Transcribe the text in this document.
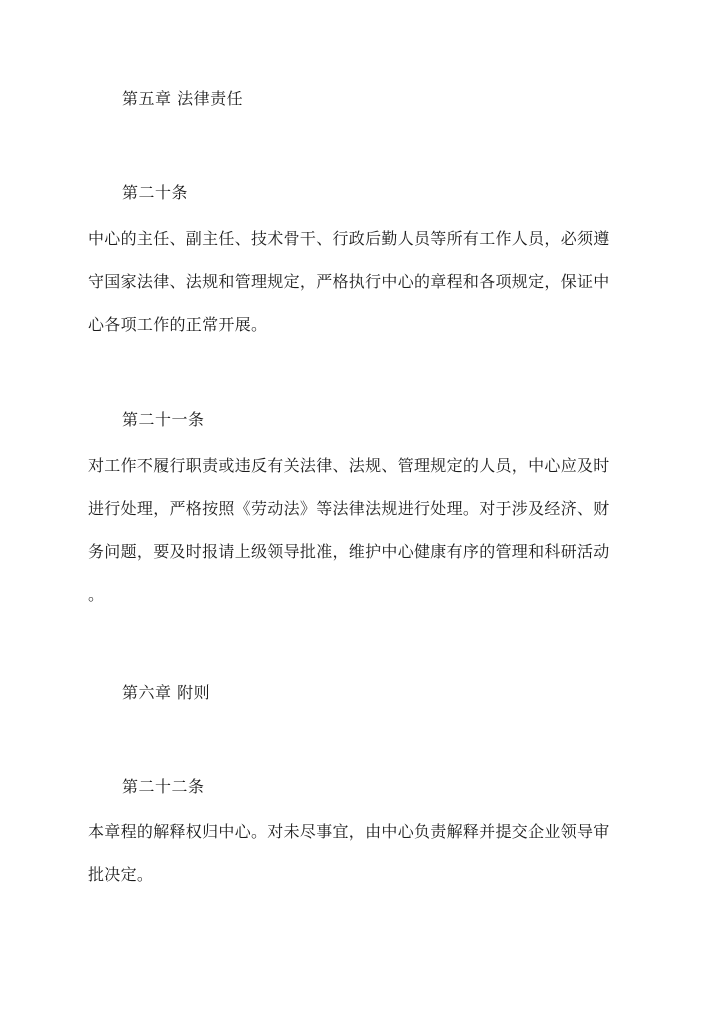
第五章 法律责任
第二十条
中心的主任、副主任、技术骨干、行政后勤人员等所有工作人员，必须遵
守国家法律、法规和管理规定，严格执行中心的章程和各项规定，保证中
心各项工作的正常开展。
第二十一条
对工作不履行职责或违反有关法律、法规、管理规定的人员，中心应及时
进行处理，严格按照《劳动法》等法律法规进行处理。对于涉及经济、财
务问题，要及时报请上级领导批准，维护中心健康有序的管理和科研活动
。
第六章 附则
第二十二条
本章程的解释权归中心。对未尽事宜，由中心负责解释并提交企业领导审
批决定。
